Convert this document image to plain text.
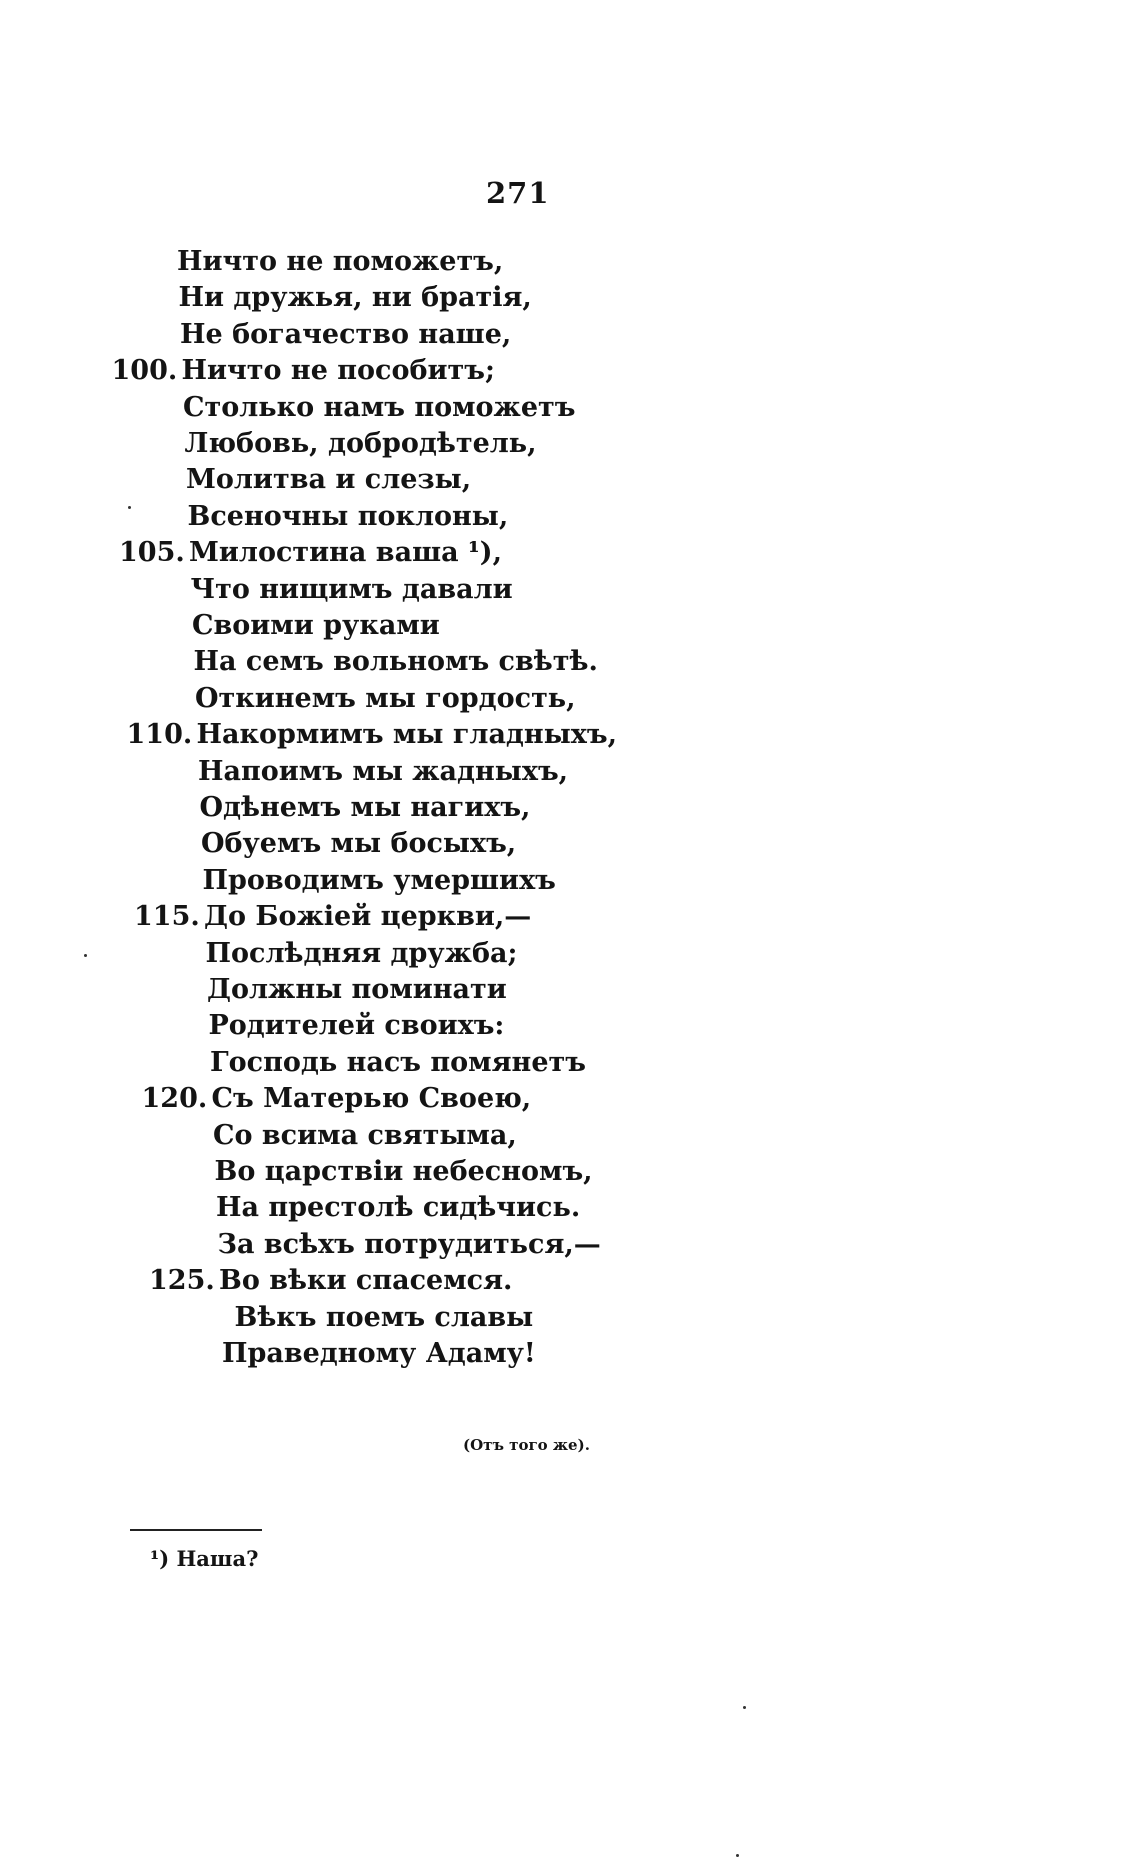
271
Ничто не поможетъ,
Ни дружья, ни братія,
Не богачество наше,
100. Ничто не пособитъ;
Столько намъ поможетъ
Любовь, добродѣтель,
Молитва и слезы,
Всеночны поклоны,
105. Милостина ваша ¹),
Что нищимъ давали
Своими руками
На семъ вольномъ свѣтѣ.
Откинемъ мы гордость,
110. Накормимъ мы гладныхъ,
Напоимъ мы жадныхъ,
Одѣнемъ мы нагихъ,
Обуемъ мы босыхъ,
Проводимъ умершихъ
115. До Божіей церкви,—
Послѣдняя дружба;
Должны поминати
Родителей своихъ:
Господь насъ помянетъ
120. Съ Матерью Своею,
Со всима святыма,
Во царствіи небесномъ,
На престолѣ сидѣчись.
За всѣхъ потрудиться,—
125. Во вѣки спасемся.
Вѣкъ поемъ славы
Праведному Адаму!
(Отъ того же).
¹) Наша?
